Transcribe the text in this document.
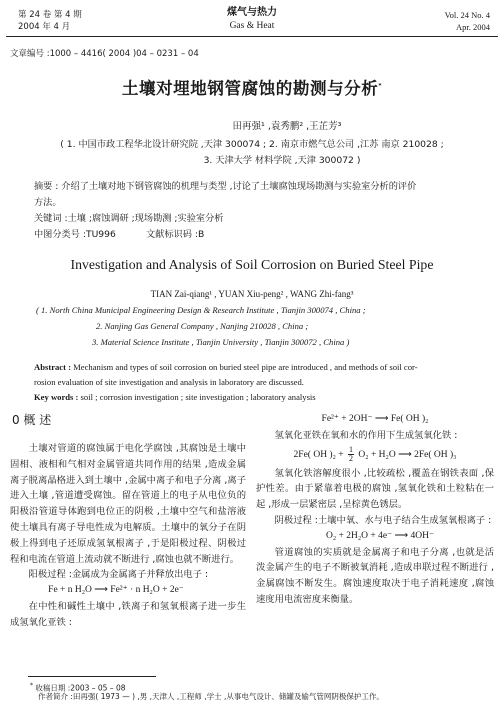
第 24 卷 第 4 期
2004 年 4 月
煤气与热力
Gas & Heat
Vol. 24 No. 4
Apr. 2004
文章编号 :1000 – 4416( 2004 )04 – 0231 – 04
土壤对埋地钢管腐蚀的勘测与分析*
田再强¹ ,袁秀鹏² ,王芷芳³
( 1. 中国市政工程华北设计研究院 ,天津 300074 ; 2. 南京市燃气总公司 ,江苏 南京 210028 ;
3. 天津大学 材料学院 ,天津 300072 )
摘要 : 介绍了土壤对地下钢管腐蚀的机理与类型 ,讨论了土壤腐蚀现场勘测与实验室分析的评价
方法。
关键词 :土壤 ;腐蚀调研 ;现场勘测 ;实验室分析
中图分类号 :TU996	文献标识码 :B
Investigation and Analysis of Soil Corrosion on Buried Steel Pipe
TIAN Zai-qiang¹ , YUAN Xiu-peng² , WANG Zhi-fang³
( 1. North China Municipal Engineering Design & Research Institute , Tianjin 300074 , China ;
2. Nanjing Gas General Company , Nanjing 210028 , China ;
3. Material Science Institute , Tianjin University , Tianjin 300072 , China )
Abstract : Mechanism and types of soil corrosion on buried steel pipe are introduced , and methods of soil cor-
rosion evaluation of site investigation and analysis in laboratory are discussed.
Key words : soil ; corrosion investigation ; site investigation ; laboratory analysis
0 概 述

土壤对管道的腐蚀属于电化学腐蚀 ,其腐蚀是土壤中固相、液相和气相对金属管道共同作用的结果 ,造成金属离子脱离晶格进入到土壤中 ,金属中离子和电子分离 ,离子进入土壤 ,管道遭受腐蚀。留在管道上的电子从电位负的阳极沿管道导体跑到电位正的阴极 ,土壤中空气和盐溶液使土壤具有离子导电性成为电解质。土壤中的氧分子在阴极上得到电子还原成氢氧根离子 ,于是阳极过程、阴极过程和电流在管道上流动就不断进行 ,腐蚀也就不断进行。

阳极过程 :金属成为金属离子并释放出电子 :

Fe + n H₂O ⟶ Fe²⁺ · n H₂O + 2e⁻

在中性和碱性土壤中 ,铁离子和氢氧根离子进一步生成氢氧化亚铁 :

Fe²⁺ + 2OH⁻ ⟶ Fe( OH )₂

氢氧化亚铁在氧和水的作用下生成氢氧化铁 :

2Fe( OH )$_2 + \frac{1}{2} O_2 + H_2O$ ⟶ 2Fe( OH )₃

氢氧化铁溶解度很小 ,比较疏松 ,覆盖在钢铁表面 ,保护性差。由于紧靠着电极的腐蚀 ,氢氧化铁和土粒粘在一起 ,形成一层紧密层 ,呈棕黄色锈层。

阴极过程 :土壤中氧、水与电子结合生成氢氧根离子 :

O₂ + 2H₂O + 4e⁻ ⟶ 4OH⁻

管道腐蚀的实质就是金属离子和电子分离 ,也就是活泼金属产生的电子不断被氧消耗 ,造成串联过程不断进行 ,金属腐蚀不断发生。腐蚀速度取决于电子消耗速度 ,腐蚀速度用电流密度来衡量。

* 收稿日期 :2003 – 05 – 08
作者简介 :田再强( 1973 — ) ,男 ,天津人 ,工程师 ,学士 ,从事电气设计、储罐及输气管网阴极保护工作。
